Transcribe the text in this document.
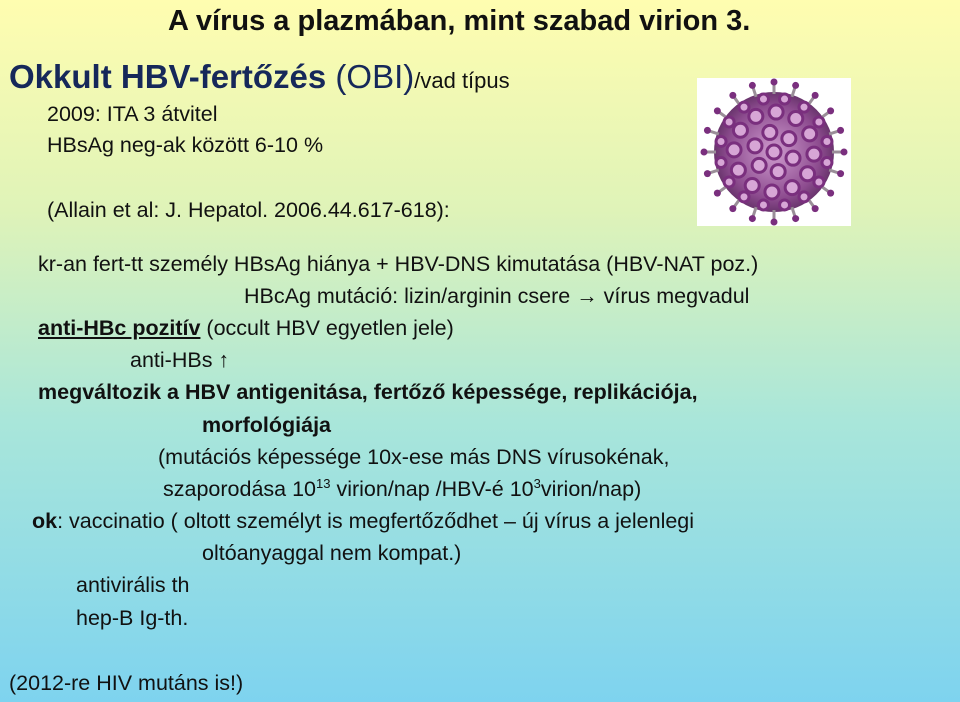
A vírus a plazmában, mint szabad virion 3.
Okkult HBV-fertőzés (OBI)/vad típus
2009: ITA 3 átvitel
HBsAg neg-ak között 6-10 %
(Allain et al: J. Hepatol. 2006.44.617-618):
kr-an fert-tt személy HBsAg hiánya + HBV-DNS kimutatása (HBV-NAT poz.)
HBcAg mutáció: lizin/arginin csere → vírus megvadul
anti-HBc pozitív (occult HBV egyetlen jele)
anti-HBs ↑
megváltozik a HBV antigenitása, fertőző képessége, replikációja,
morfológiája
(mutációs képessége 10x-ese más DNS vírusokénak,
szaporodása $10^{13}$ virion/nap /HBV-é $10^3virion/nap$)
ok: vaccinatio ( oltott személyt is megfertőződhet – új vírus a jelenlegi
oltóanyaggal nem kompat.)
antivirális th
hep-B Ig-th.
(2012-re HIV mutáns is!)
